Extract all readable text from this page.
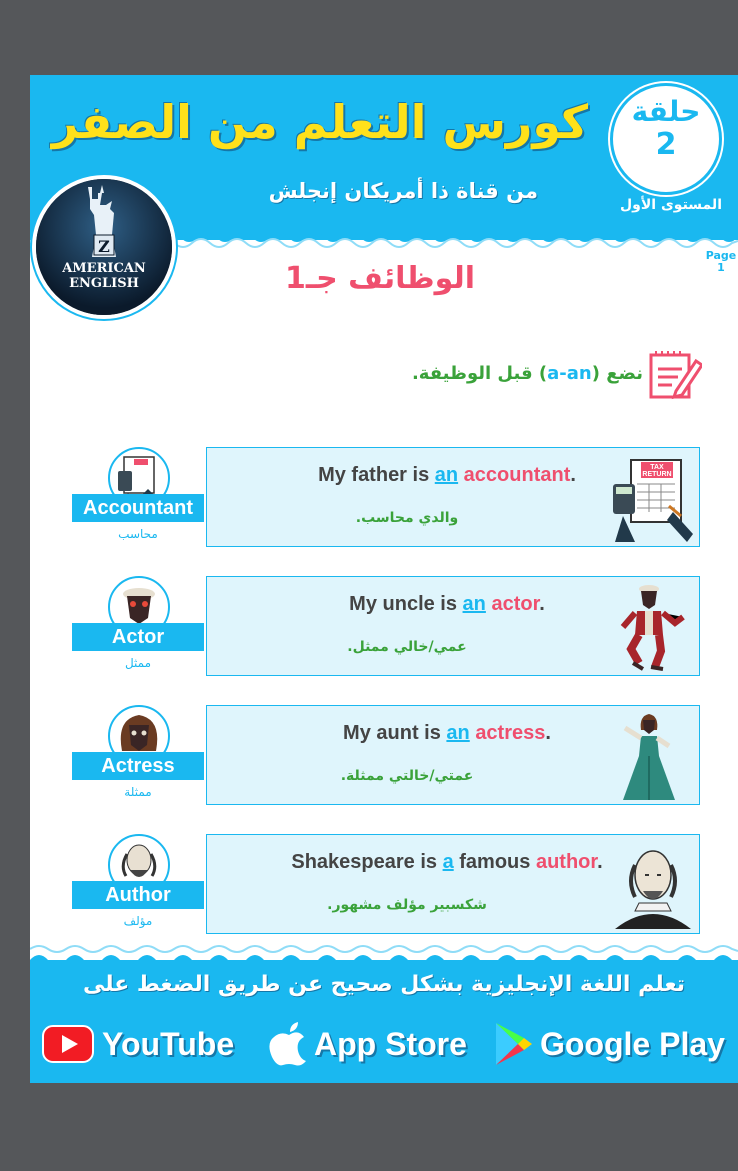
كورس التعلم من الصفر
من قناة ذا أمريكان إنجلش
حلقة
2
المستوى الأول
Z
AMERICAN
ENGLISH
Page
1
الوظائف جـ1
نضع (a-an) قبل الوظيفة.
Accountant
محاسب
My father is an accountant.
والدي محاسب.
TAX
RETURN
Actor
ممثل
My uncle is an actor.
عمي/خالي ممثل.
Actress
ممثلة
My aunt is an actress.
عمتي/خالتي ممثلة.
Author
مؤلف
Shakespeare is a famous author.
شكسبير مؤلف مشهور.
تعلم اللغة الإنجليزية بشكل صحيح عن طريق الضغط على
YouTube App Store Google Play
